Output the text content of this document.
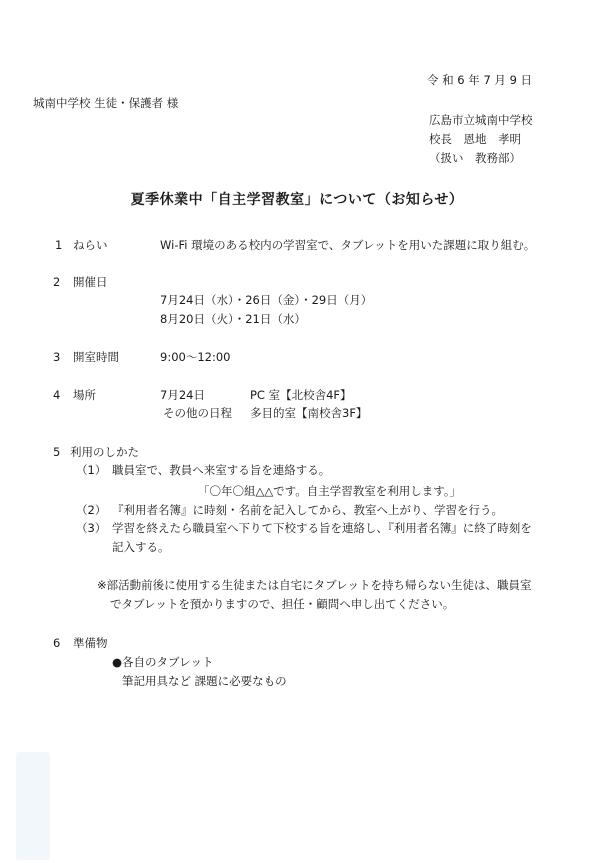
令 和 6 年 7 月 9 日
城南中学校 生徒・保護者 様
広島市立城南中学校
校長　恩地　孝明
（扱い　教務部）
夏季休業中「自主学習教室」について（お知らせ）
1 ねらい	Wi-Fi 環境のある校内の学習室で、タブレットを用いた課題に取り組む。
2 開催日
7月24日（水）・26日（金）・29日（月）
8月20日（火）・21日（水）
3 開室時間	9:00～12:00
4 場所	7月24日	PC 室【北校舎4F】
その他の日程 多目的室【南校舎3F】
5 利用のしかた
（1） 職員室で、教員へ来室する旨を連絡する。
「〇年〇組△△です。自主学習教室を利用します。」
（2） 『利用者名簿』に時刻・名前を記入してから、教室へ上がり、学習を行う。
（3） 学習を終えたら職員室へ下りて下校する旨を連絡し、『利用者名簿』に終了時刻を
記入する。
※部活動前後に使用する生徒または自宅にタブレットを持ち帰らない生徒は、職員室
でタブレットを預かりますので、担任・顧問へ申し出てください。
6 準備物
●各自のタブレット
筆記用具など 課題に必要なもの
